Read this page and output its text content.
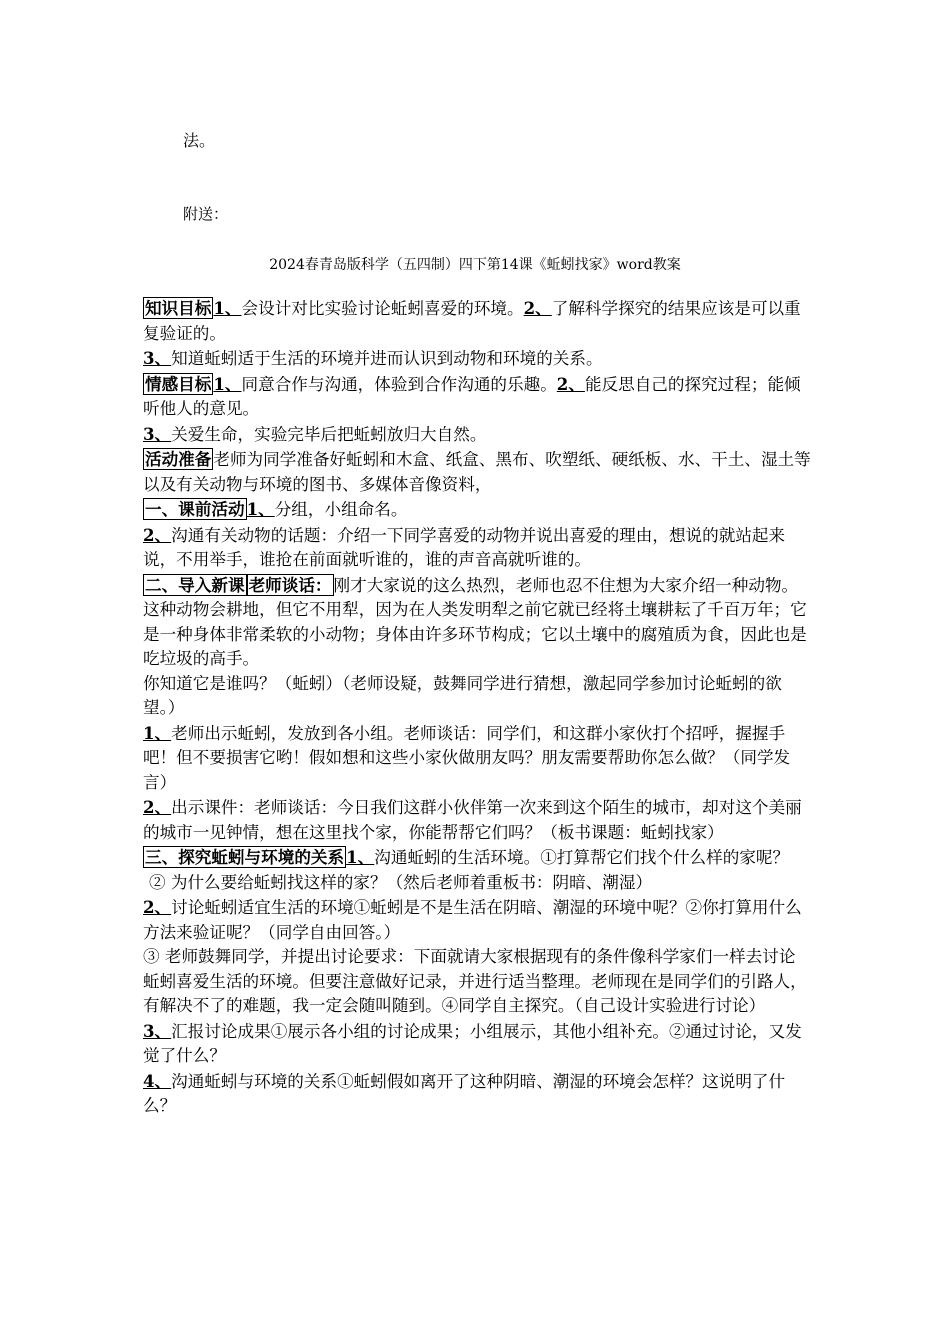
法。
附送：
2024春青岛版科学（五四制）四下第14课《蚯蚓找家》word教案

知识目标 1、会设计对比实验讨论蚯蚓喜爱的环境。2、了解科学探究的结果应该是可以重复验证的。

3、知道蚯蚓适于生活的环境并进而认识到动物和环境的关系。

情感目标 1、同意合作与沟通，体验到合作沟通的乐趣。2、能反思自己的探究过程；能倾听他人的意见。

3、关爱生命，实验完毕后把蚯蚓放归大自然。

活动准备 老师为同学准备好蚯蚓和木盒、纸盒、黑布、吹塑纸、硬纸板、水、干土、湿土等以及有关动物与环境的图书、多媒体音像资料，

一、课前活动 1、分组，小组命名。

2、沟通有关动物的话题：介绍一下同学喜爱的动物并说出喜爱的理由，想说的就站起来说，不用举手，谁抢在前面就听谁的，谁的声音高就听谁的。

二、导入新课 老师谈话： 刚才大家说的这么热烈，老师也忍不住想为大家介绍一种动物。

这种动物会耕地，但它不用犁，因为在人类发明犁之前它就已经将土壤耕耘了千百万年；它是一种身体非常柔软的小动物；身体由许多环节构成；它以土壤中的腐殖质为食，因此也是吃垃圾的高手。

你知道它是谁吗？（蚯蚓）（老师设疑，鼓舞同学进行猜想，激起同学参加讨论蚯蚓的欲望。）

1、老师出示蚯蚓，发放到各小组。老师谈话：同学们，和这群小家伙打个招呼，握握手吧！但不要损害它哟！假如想和这些小家伙做朋友吗？朋友需要帮助你怎么做？（同学发言）

2、出示课件：老师谈话：今日我们这群小伙伴第一次来到这个陌生的城市，却对这个美丽的城市一见钟情，想在这里找个家，你能帮帮它们吗？（板书课题：蚯蚓找家）

三、探究蚯蚓与环境的关系 1、沟通蚯蚓的生活环境。①打算帮它们找个什么样的家呢？

② 为什么要给蚯蚓找这样的家？（然后老师着重板书：阴暗、潮湿）

2、讨论蚯蚓适宜生活的环境①蚯蚓是不是生活在阴暗、潮湿的环境中呢？②你打算用什么方法来验证呢？（同学自由回答。）

③ 老师鼓舞同学，并提出讨论要求：下面就请大家根据现有的条件像科学家们一样去讨论蚯蚓喜爱生活的环境。但要注意做好记录，并进行适当整理。老师现在是同学们的引路人，有解决不了的难题，我一定会随叫随到。④同学自主探究。（自己设计实验进行讨论）

3、汇报讨论成果①展示各小组的讨论成果；小组展示，其他小组补充。②通过讨论，又发觉了什么？

4、沟通蚯蚓与环境的关系①蚯蚓假如离开了这种阴暗、潮湿的环境会怎样？这说明了什么？
